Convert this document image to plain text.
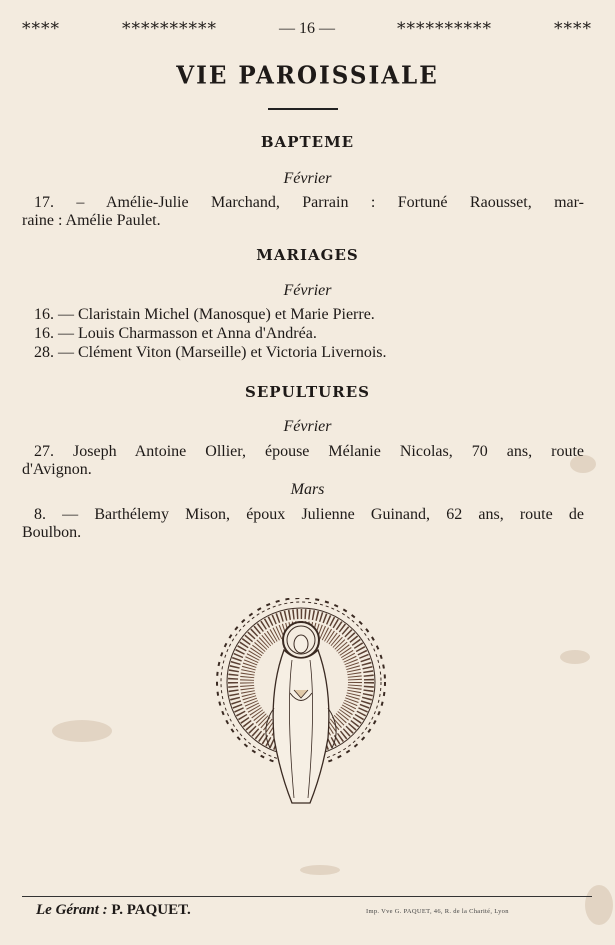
****	**********	— 16 —	**********	****
VIE PAROISSIALE
BAPTEME
Février
17. – Amélie-Julie Marchand, Parrain : Fortuné Raousset, mar-
raine : Amélie Paulet.
MARIAGES
Février
16. — Claristain Michel (Manosque) et Marie Pierre.
16. — Louis Charmasson et Anna d'Andréa.
28. — Clément Viton (Marseille) et Victoria Livernois.
SEPULTURES
Février
27. Joseph Antoine Ollier, épouse Mélanie Nicolas, 70 ans, route
d'Avignon.
Mars
8. — Barthélemy Mison, époux Julienne Guinand, 62 ans, route de
Boulbon.
Le Gérant : P. PAQUET.	Imp. Vve G. PAQUET, 46, R. de la Charité, Lyon
